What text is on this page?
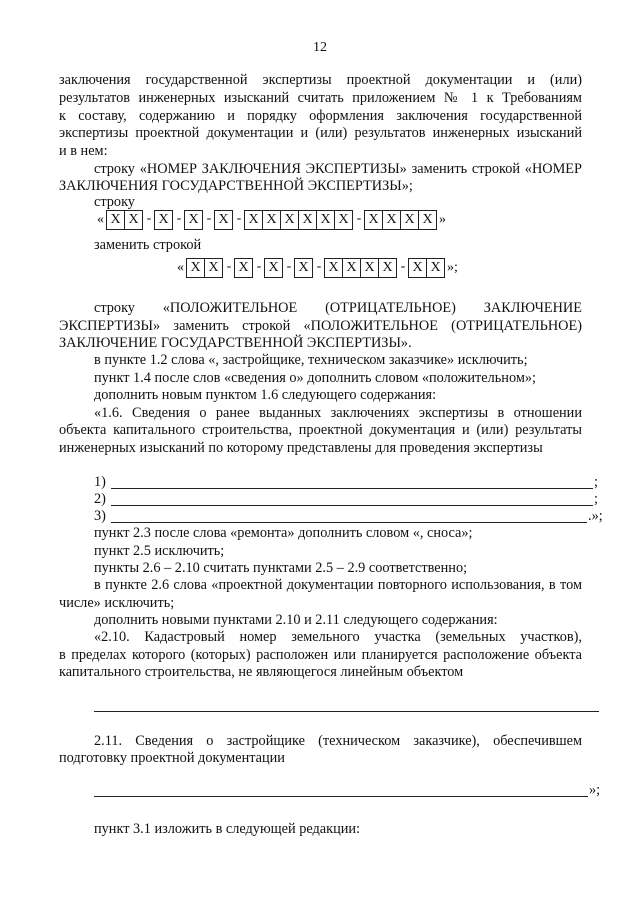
12
заключения государственной экспертизы проектной документации и (или)
результатов инженерных изысканий считать приложением № 1 к Требованиям
к составу, содержанию и порядку оформления заключения государственной
экспертизы проектной документации и (или) результатов инженерных изысканий
и в нем:
строку «НОМЕР ЗАКЛЮЧЕНИЯ ЭКСПЕРТИЗЫ» заменить строкой «НОМЕР
ЗАКЛЮЧЕНИЯ ГОСУДАРСТВЕННОЙ ЭКСПЕРТИЗЫ»;
строку
« Х Х - Х - Х - Х - Х Х Х Х Х Х - Х Х Х Х »
заменить строкой
« Х Х - Х - Х - Х - Х Х Х Х - Х Х »;
строку «ПОЛОЖИТЕЛЬНОЕ (ОТРИЦАТЕЛЬНОЕ) ЗАКЛЮЧЕНИЕ
ЭКСПЕРТИЗЫ» заменить строкой «ПОЛОЖИТЕЛЬНОЕ (ОТРИЦАТЕЛЬНОЕ)
ЗАКЛЮЧЕНИЕ ГОСУДАРСТВЕННОЙ ЭКСПЕРТИЗЫ».
в пункте 1.2 слова «, застройщике, техническом заказчике» исключить;
пункт 1.4 после слов «сведения о» дополнить словом «положительном»;
дополнить новым пунктом 1.6 следующего содержания:
«1.6. Сведения о ранее выданных заключениях экспертизы в отношении
объекта капитального строительства, проектной документация и (или) результаты
инженерных изысканий по которому представлены для проведения экспертизы
1)	;
2)	;
3)	.»;
пункт 2.3 после слова «ремонта» дополнить словом «, сноса»;
пункт 2.5 исключить;
пункты 2.6 – 2.10 считать пунктами 2.5 – 2.9 соответственно;
в пункте 2.6 слова «проектной документации повторного использования, в том
числе» исключить;
дополнить новыми пунктами 2.10 и 2.11 следующего содержания:
«2.10. Кадастровый номер земельного участка (земельных участков),
в пределах которого (которых) расположен или планируется расположение объекта
капитального строительства, не являющегося линейным объектом
2.11. Сведения о застройщике (техническом заказчике), обеспечившем
подготовку проектной документации
»;
пункт 3.1 изложить в следующей редакции:
